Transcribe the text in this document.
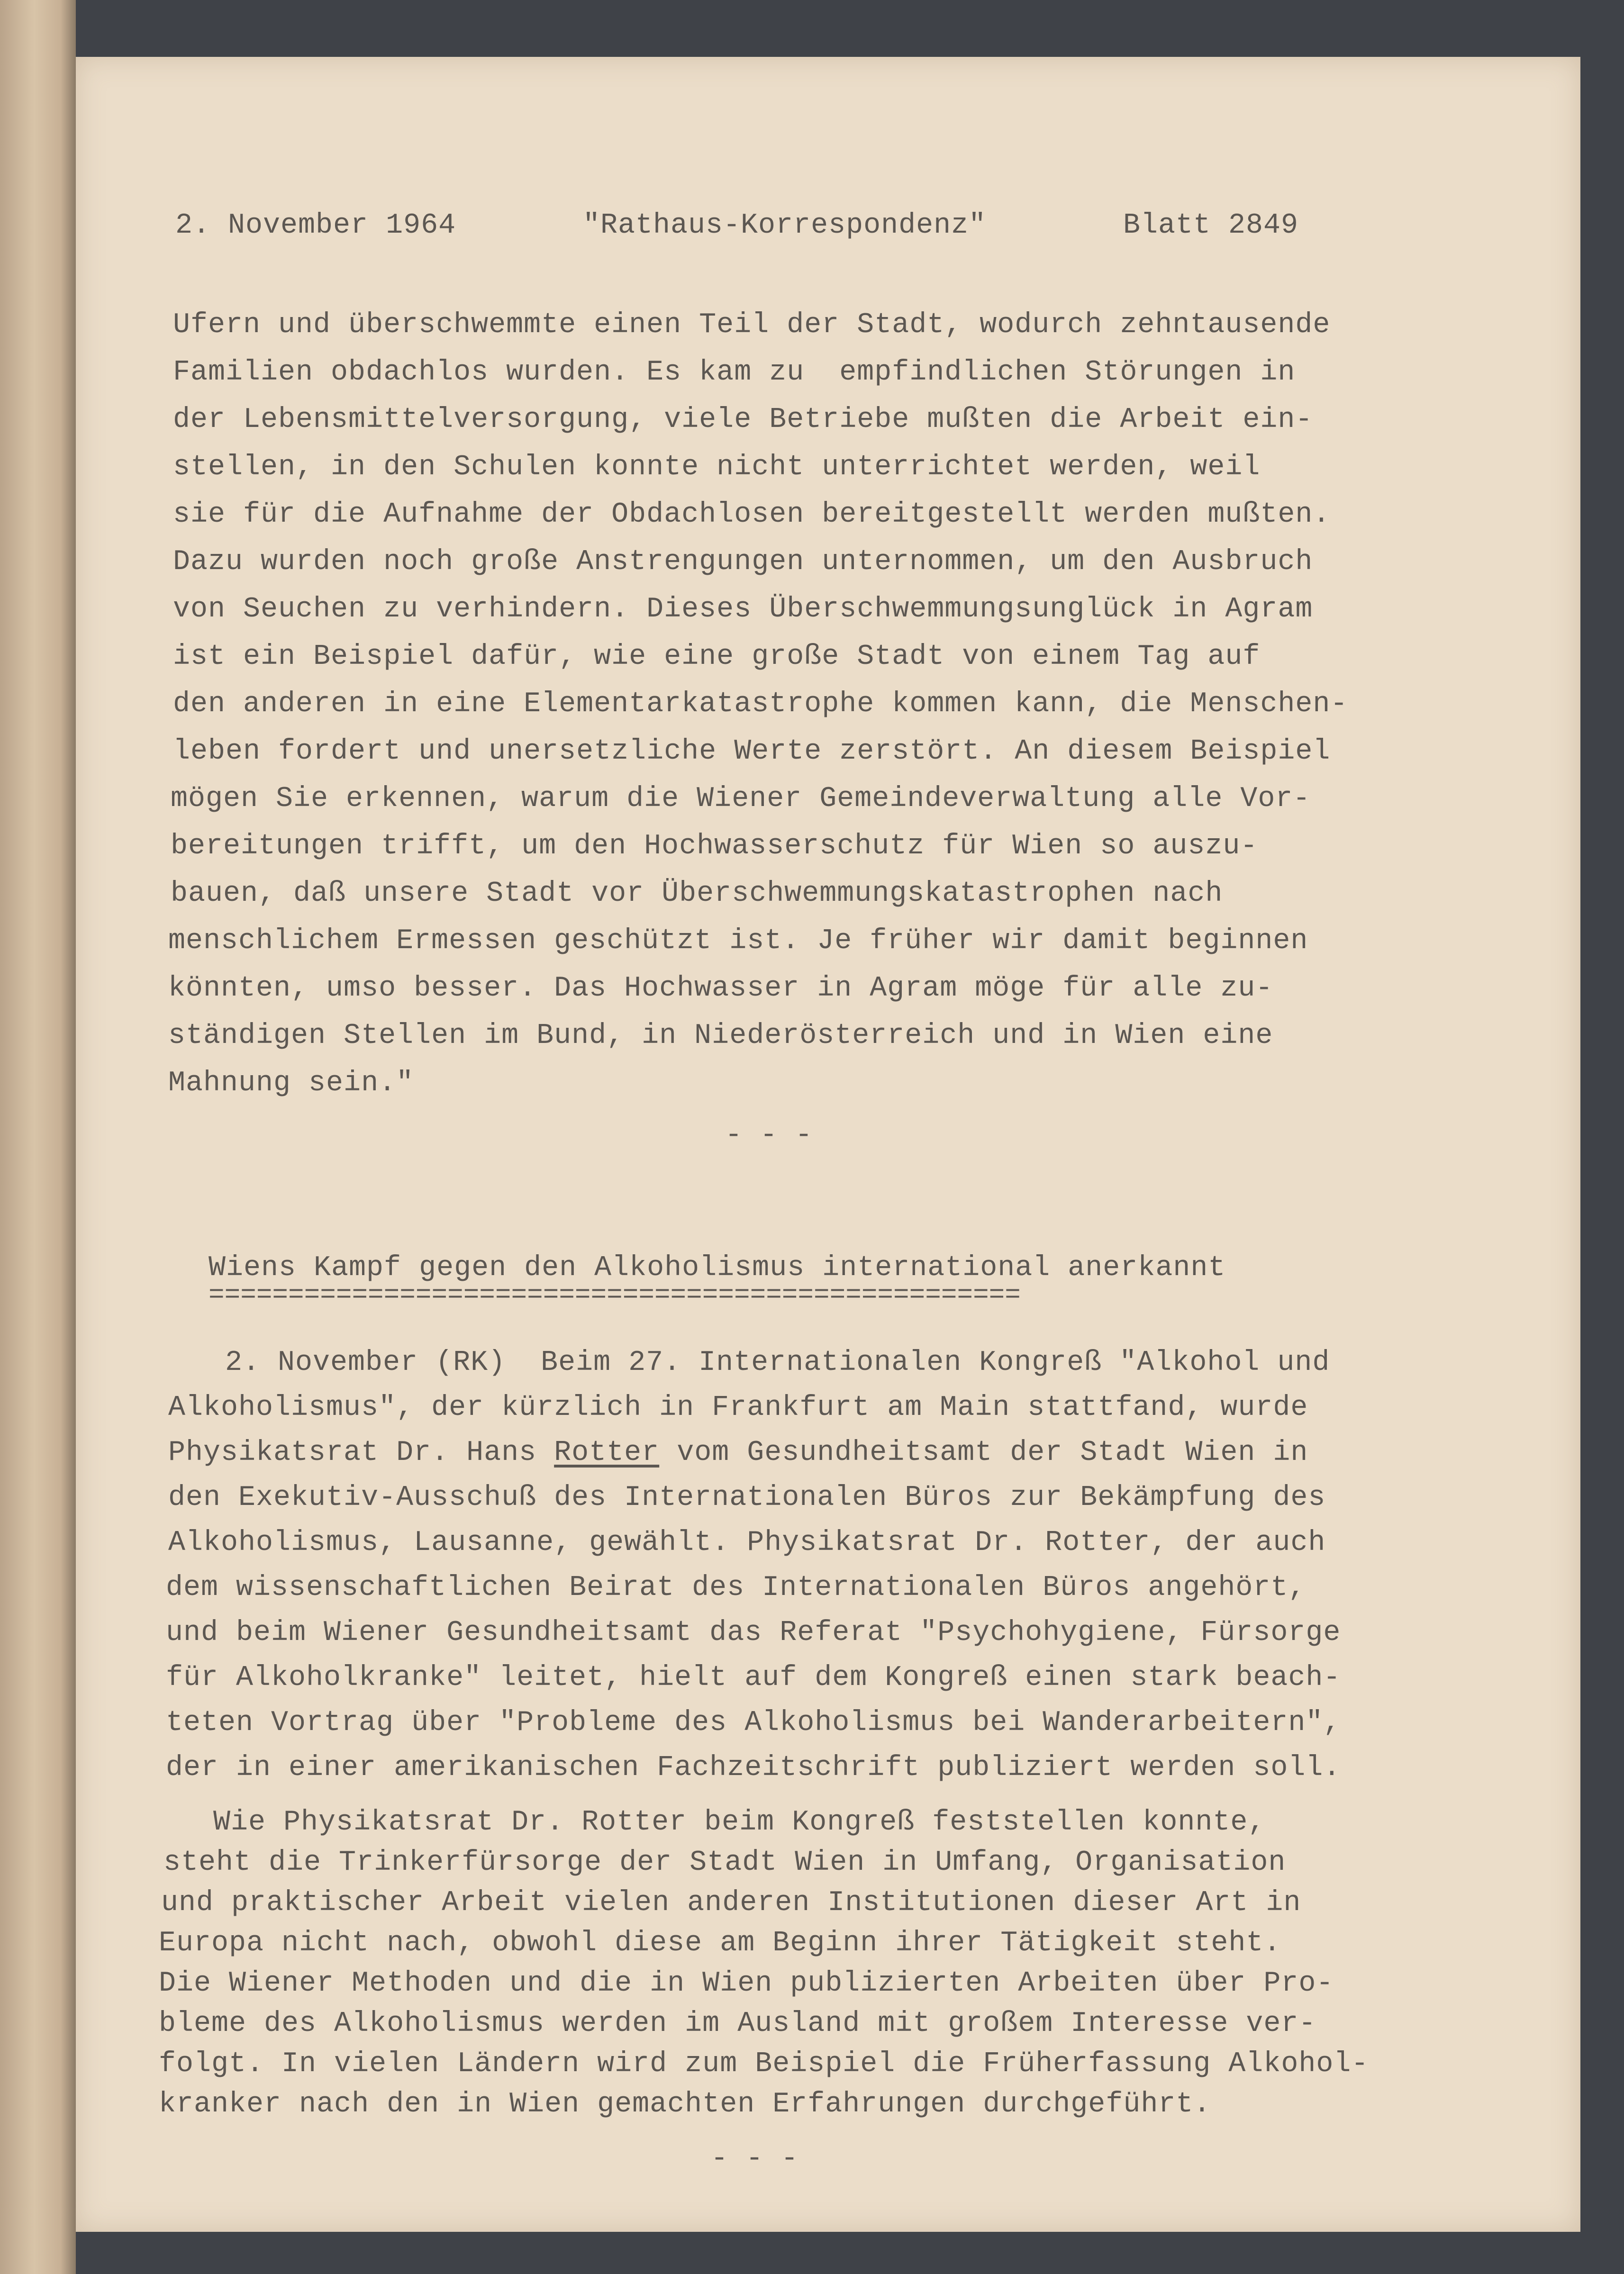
2. November 1964	"Rathaus-Korrespondenz"	Blatt 2849
Ufern und überschwemmte einen Teil der Stadt, wodurch zehntausende
Familien obdachlos wurden. Es kam zu  empfindlichen Störungen in
der Lebensmittelversorgung, viele Betriebe mußten die Arbeit ein-
stellen, in den Schulen konnte nicht unterrichtet werden, weil
sie für die Aufnahme der Obdachlosen bereitgestellt werden mußten.
Dazu wurden noch große Anstrengungen unternommen, um den Ausbruch
von Seuchen zu verhindern. Dieses Überschwemmungsunglück in Agram
ist ein Beispiel dafür, wie eine große Stadt von einem Tag auf
den anderen in eine Elementarkatastrophe kommen kann, die Menschen-
leben fordert und unersetzliche Werte zerstört. An diesem Beispiel
mögen Sie erkennen, warum die Wiener Gemeindeverwaltung alle Vor-
bereitungen trifft, um den Hochwasserschutz für Wien so auszu-
bauen, daß unsere Stadt vor Überschwemmungskatastrophen nach
menschlichem Ermessen geschützt ist. Je früher wir damit beginnen
könnten, umso besser. Das Hochwasser in Agram möge für alle zu-
ständigen Stellen im Bund, in Niederösterreich und in Wien eine
Mahnung sein."
- - -
Wiens Kampf gegen den Alkoholismus international anerkannt
===================================================
2. November (RK)  Beim 27. Internationalen Kongreß "Alkohol und
Alkoholismus", der kürzlich in Frankfurt am Main stattfand, wurde
Physikatsrat Dr. Hans Rotter vom Gesundheitsamt der Stadt Wien in
den Exekutiv-Ausschuß des Internationalen Büros zur Bekämpfung des
Alkoholismus, Lausanne, gewählt. Physikatsrat Dr. Rotter, der auch
dem wissenschaftlichen Beirat des Internationalen Büros angehört,
und beim Wiener Gesundheitsamt das Referat "Psychohygiene, Fürsorge
für Alkoholkranke" leitet, hielt auf dem Kongreß einen stark beach-
teten Vortrag über "Probleme des Alkoholismus bei Wanderarbeitern",
der in einer amerikanischen Fachzeitschrift publiziert werden soll.
Wie Physikatsrat Dr. Rotter beim Kongreß feststellen konnte,
steht die Trinkerfürsorge der Stadt Wien in Umfang, Organisation
und praktischer Arbeit vielen anderen Institutionen dieser Art in
Europa nicht nach, obwohl diese am Beginn ihrer Tätigkeit steht.
Die Wiener Methoden und die in Wien publizierten Arbeiten über Pro-
bleme des Alkoholismus werden im Ausland mit großem Interesse ver-
folgt. In vielen Ländern wird zum Beispiel die Früherfassung Alkohol-
kranker nach den in Wien gemachten Erfahrungen durchgeführt.
- - -
